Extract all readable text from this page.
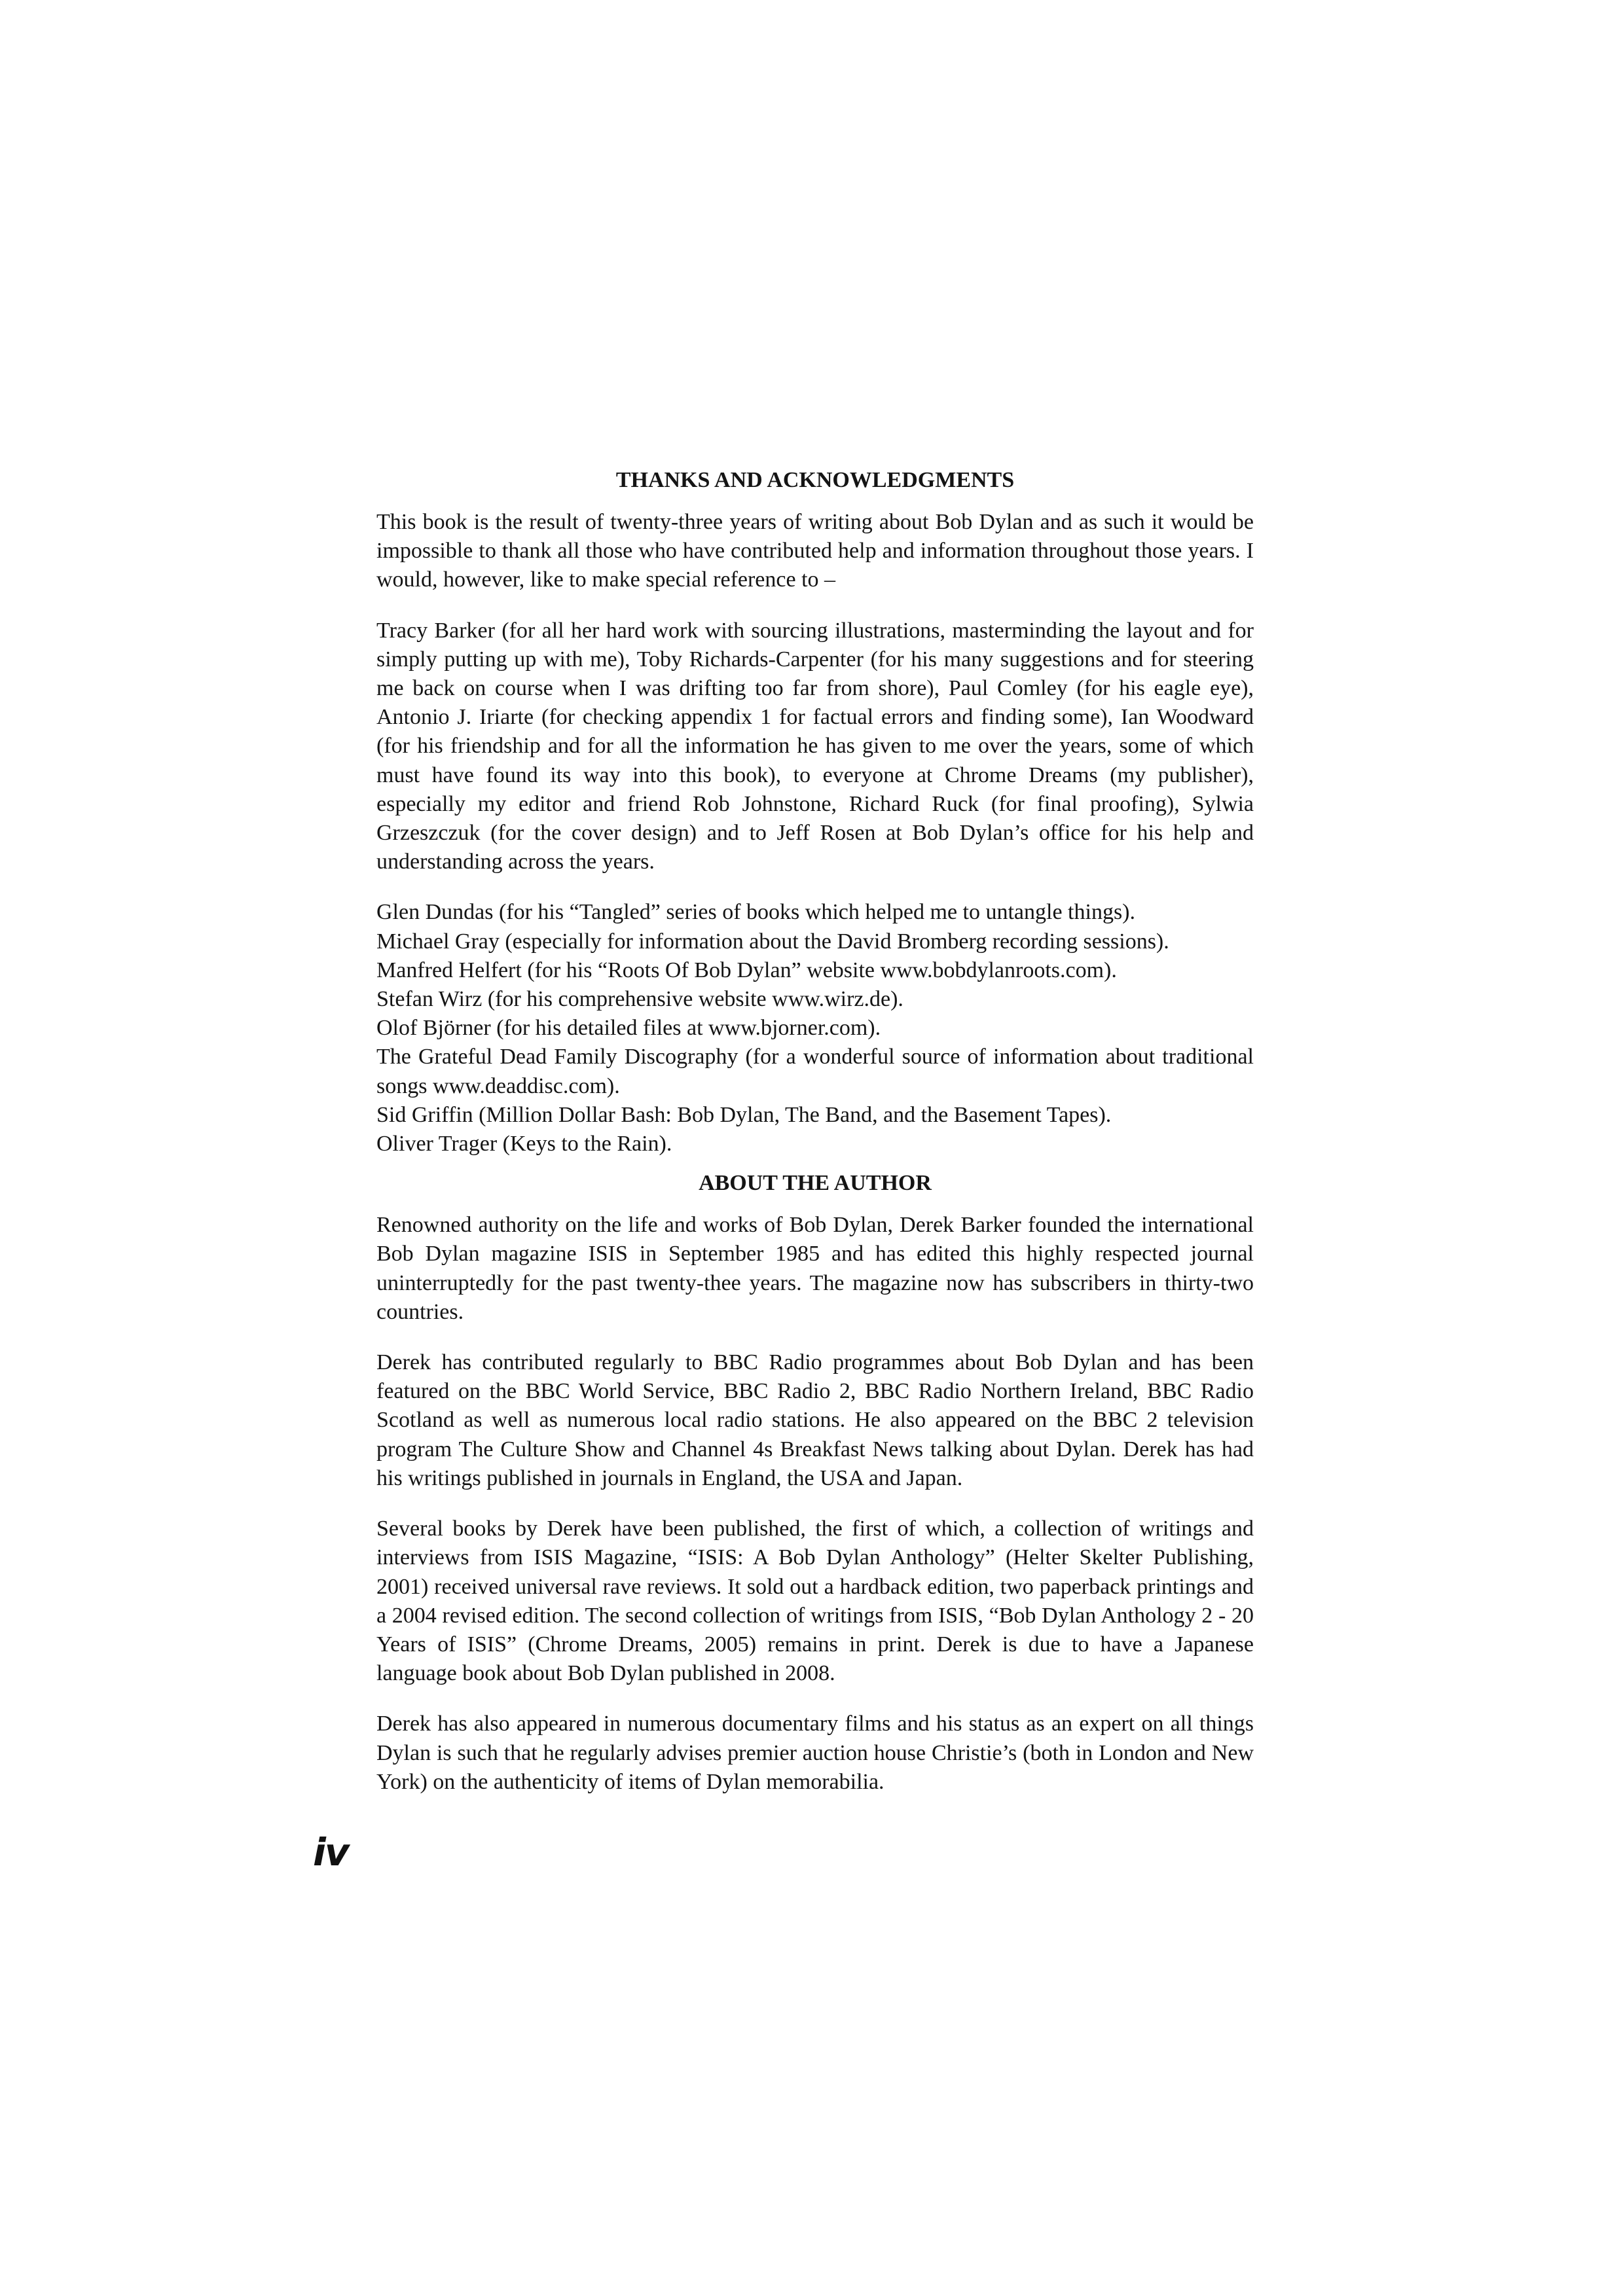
THANKS AND ACKNOWLEDGMENTS

This book is the result of twenty-three years of writing about Bob Dylan and as such it would be impossible to thank all those who have contributed help and information throughout those years. I would, however, like to make special reference to –

Tracy Barker (for all her hard work with sourcing illustrations, masterminding the layout and for simply putting up with me), Toby Richards-Carpenter (for his many suggestions and for steering me back on course when I was drifting too far from shore), Paul Comley (for his eagle eye), Antonio J. Iriarte (for checking appendix 1 for factual errors and finding some), Ian Woodward (for his friendship and for all the information he has given to me over the years, some of which must have found its way into this book), to everyone at Chrome Dreams (my publisher), especially my editor and friend Rob Johnstone, Richard Ruck (for final proofing), Sylwia Grzeszczuk (for the cover design) and to Jeff Rosen at Bob Dylan’s office for his help and understanding across the years.

Glen Dundas (for his “Tangled” series of books which helped me to untangle things).
Michael Gray (especially for information about the David Bromberg recording sessions).
Manfred Helfert (for his “Roots Of Bob Dylan” website www.bobdylanroots.com).
Stefan Wirz (for his comprehensive website www.wirz.de).
Olof Björner (for his detailed files at www.bjorner.com).
The Grateful Dead Family Discography (for a wonderful source of information about traditional songs www.deaddisc.com).
Sid Griffin (Million Dollar Bash: Bob Dylan, The Band, and the Basement Tapes).
Oliver Trager (Keys to the Rain).
ABOUT THE AUTHOR

Renowned authority on the life and works of Bob Dylan, Derek Barker founded the international Bob Dylan magazine ISIS in September 1985 and has edited this highly respected journal uninterruptedly for the past twenty-thee years. The magazine now has subscribers in thirty-two countries.

Derek has contributed regularly to BBC Radio programmes about Bob Dylan and has been featured on the BBC World Service, BBC Radio 2, BBC Radio Northern Ireland, BBC Radio Scotland as well as numerous local radio stations. He also appeared on the BBC 2 television program The Culture Show and Channel 4s Breakfast News talking about Dylan. Derek has had his writings published in journals in England, the USA and Japan.

Several books by Derek have been published, the first of which, a collection of writings and interviews from ISIS Magazine, “ISIS: A Bob Dylan Anthology” (Helter Skelter Publishing, 2001) received universal rave reviews. It sold out a hardback edition, two paperback printings and a 2004 revised edition. The second collection of writings from ISIS, “Bob Dylan Anthology 2 - 20 Years of ISIS” (Chrome Dreams, 2005) remains in print. Derek is due to have a Japanese language book about Bob Dylan published in 2008.

Derek has also appeared in numerous documentary films and his status as an expert on all things Dylan is such that he regularly advises premier auction house Christie’s (both in London and New York) on the authenticity of items of Dylan memorabilia.

iv
